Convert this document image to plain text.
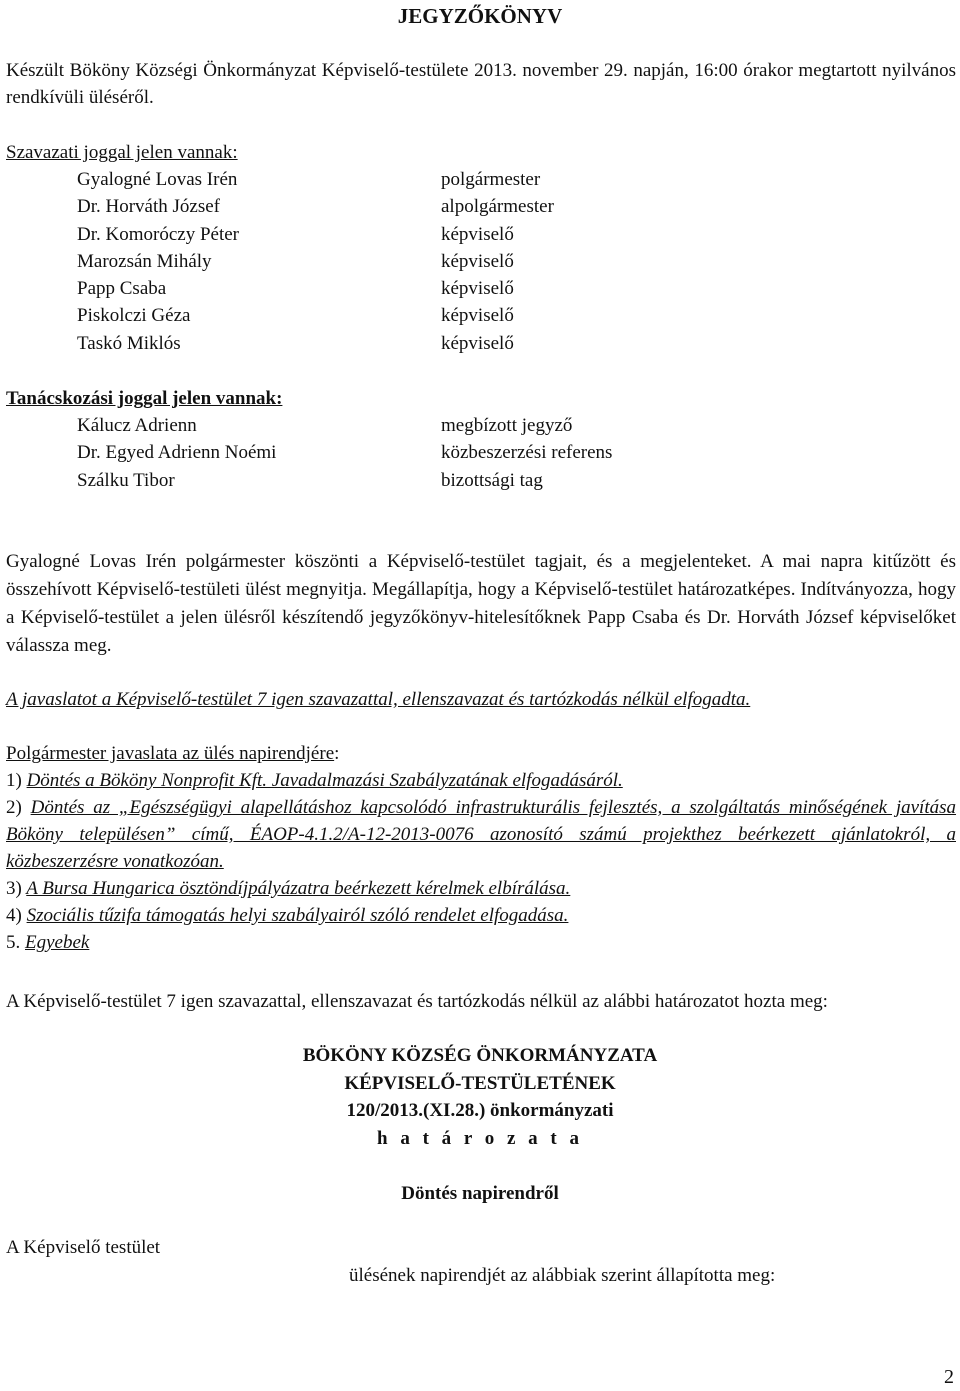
JEGYZŐKÖNYV
Készült Bököny Községi Önkormányzat Képviselő-testülete 2013. november 29. napján, 16:00 órakor megtartott nyilvános rendkívüli üléséről.
Szavazati joggal jelen vannak:
Gyalogné Lovas Irén	polgármester
Dr. Horváth József	alpolgármester
Dr. Komoróczy Péter	képviselő
Marozsán Mihály	képviselő
Papp Csaba	képviselő
Piskolczi Géza	képviselő
Taskó Miklós	képviselő
Tanácskozási joggal jelen vannak:
Kálucz Adrienn	megbízott jegyző
Dr. Egyed Adrienn Noémi	közbeszerzési referens
Szálku Tibor	bizottsági tag
Gyalogné Lovas Irén polgármester köszönti a Képviselő-testület tagjait, és a megjelenteket. A mai napra kitűzött és összehívott Képviselő-testületi ülést megnyitja. Megállapítja, hogy a Képviselő-testület határozatképes. Indítványozza, hogy a Képviselő-testület a jelen ülésről készítendő jegyzőkönyv-hitelesítőknek Papp Csaba és Dr. Horváth József képviselőket válassza meg.
A javaslatot a Képviselő-testület 7 igen szavazattal, ellenszavazat és tartózkodás nélkül elfogadta.
Polgármester javaslata az ülés napirendjére:
1) Döntés a Bököny Nonprofit Kft. Javadalmazási Szabályzatának elfogadásáról.
2) Döntés az „Egészségügyi alapellátáshoz kapcsolódó infrastrukturális fejlesztés, a szolgáltatás minőségének javítása Bököny településen” című, ÉAOP-4.1.2/A-12-2013-0076 azonosító számú projekthez beérkezett ajánlatokról, a közbeszerzésre vonatkozóan.
3) A Bursa Hungarica ösztöndíjpályázatra beérkezett kérelmek elbírálása.
4) Szociális tűzifa támogatás helyi szabályairól szóló rendelet elfogadása.
5. Egyebek
A Képviselő-testület 7 igen szavazattal, ellenszavazat és tartózkodás nélkül az alábbi határozatot hozta meg:
BÖKÖNY KÖZSÉG ÖNKORMÁNYZATA
KÉPVISELŐ-TESTÜLETÉNEK
120/2013.(XI.28.) önkormányzati
h a t á r o z a t a
Döntés napirendről
A Képviselő testület
ülésének napirendjét az alábbiak szerint állapította meg:
2
